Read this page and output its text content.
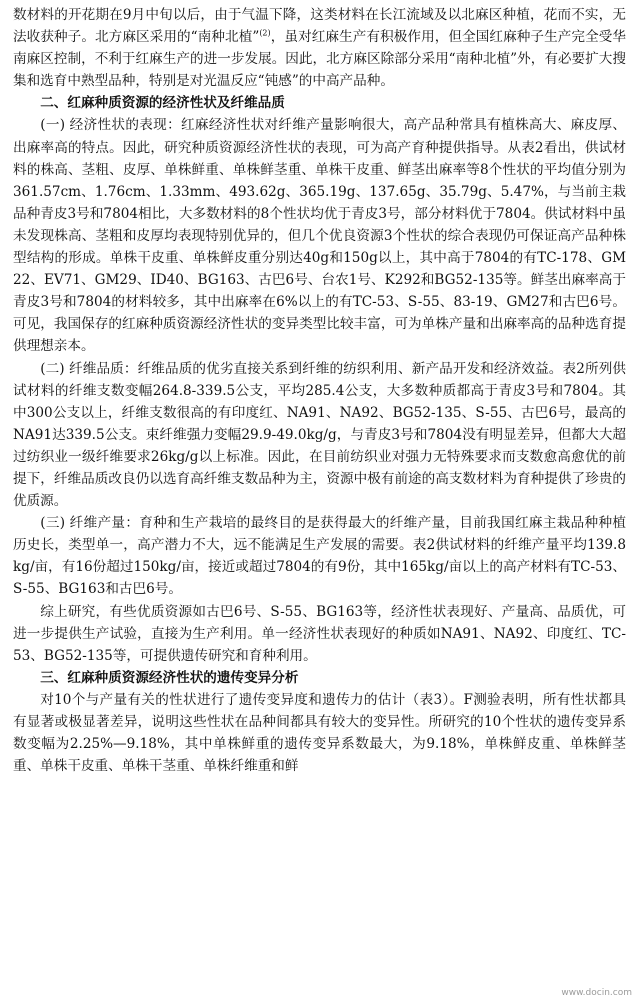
数材料的开花期在9月中旬以后，由于气温下降，这类材料在长江流域及以北麻区种植，花而不实，无法收获种子。北方麻区采用的“南种北植”$^{(2)}$，虽对红麻生产有积极作用，但全国红麻种子生产完全受华南麻区控制，不利于红麻生产的进一步发展。因此，北方麻区除部分采用“南种北植”外，有必要扩大搜集和选育中熟型品种，特别是对光温反应“钝感”的中高产品种。

二、红麻种质资源的经济性状及纤维品质

(一) 经济性状的表现：红麻经济性状对纤维产量影响很大，高产品种常具有植株高大、麻皮厚、出麻率高的特点。因此，研究种质资源经济性状的表现，可为高产育种提供指导。从表2看出，供试材料的株高、茎粗、皮厚、单株鲜重、单株鲜茎重、单株干皮重、鲜茎出麻率等8个性状的平均值分别为361.57cm、1.76cm、1.33mm、493.62g、365.19g、137.65g、35.79g、5.47%，与当前主栽品种青皮3号和7804相比，大多数材料的8个性状均优于青皮3号，部分材料优于7804。供试材料中虽未发现株高、茎粗和皮厚均表现特别优异的，但几个优良资源3个性状的综合表现仍可保证高产品种株型结构的形成。单株干皮重、单株鲜皮重分别达40g和150g以上，其中高于7804的有TC-178、GM22、EV71、GM29、ID40、BG163、古巴6号、台农1号、K292和BG52-135等。鲜茎出麻率高于青皮3号和7804的材料较多，其中出麻率在6%以上的有TC-53、S-55、83-19、GM27和古巴6号。可见，我国保存的红麻种质资源经济性状的变异类型比较丰富，可为单株产量和出麻率高的品种选育提供理想亲本。

(二) 纤维品质：纤维品质的优劣直接关系到纤维的纺织利用、新产品开发和经济效益。表2所列供试材料的纤维支数变幅264.8-339.5公支，平均285.4公支，大多数种质都高于青皮3号和7804。其中300公支以上，纤维支数很高的有印度红、NA91、NA92、BG52-135、S-55、古巴6号，最高的NA91达339.5公支。束纤维强力变幅29.9-49.0kg/g，与青皮3号和7804没有明显差异，但都大大超过纺织业一级纤维要求26kg/g以上标准。因此，在目前纺织业对强力无特殊要求而支数愈高愈优的前提下，纤维品质改良仍以选育高纤维支数品种为主，资源中极有前途的高支数材料为育种提供了珍贵的优质源。

(三) 纤维产量：育种和生产栽培的最终目的是获得最大的纤维产量，目前我国红麻主栽品种种植历史长，类型单一，高产潜力不大，远不能满足生产发展的需要。表2供试材料的纤维产量平均139.8kg/亩，有16份超过150kg/亩，接近或超过7804的有9份，其中165kg/亩以上的高产材料有TC-53、S-55、BG163和古巴6号。

综上研究，有些优质资源如古巴6号、S-55、BG163等，经济性状表现好、产量高、品质优，可进一步提供生产试验，直接为生产利用。单一经济性状表现好的种质如NA91、NA92、印度红、TC-53、BG52-135等，可提供遗传研究和育种利用。

三、红麻种质资源经济性状的遗传变异分析

对10个与产量有关的性状进行了遗传变异度和遗传力的估计（表3）。F测验表明，所有性状都具有显著或极显著差异，说明这些性状在品种间都具有较大的变异性。所研究的10个性状的遗传变异系数变幅为2.25%—9.18%，其中单株鲜重的遗传变异系数最大，为9.18%，单株鲜皮重、单株鲜茎重、单株干皮重、单株干茎重、单株纤维重和鲜

www.docin.com
